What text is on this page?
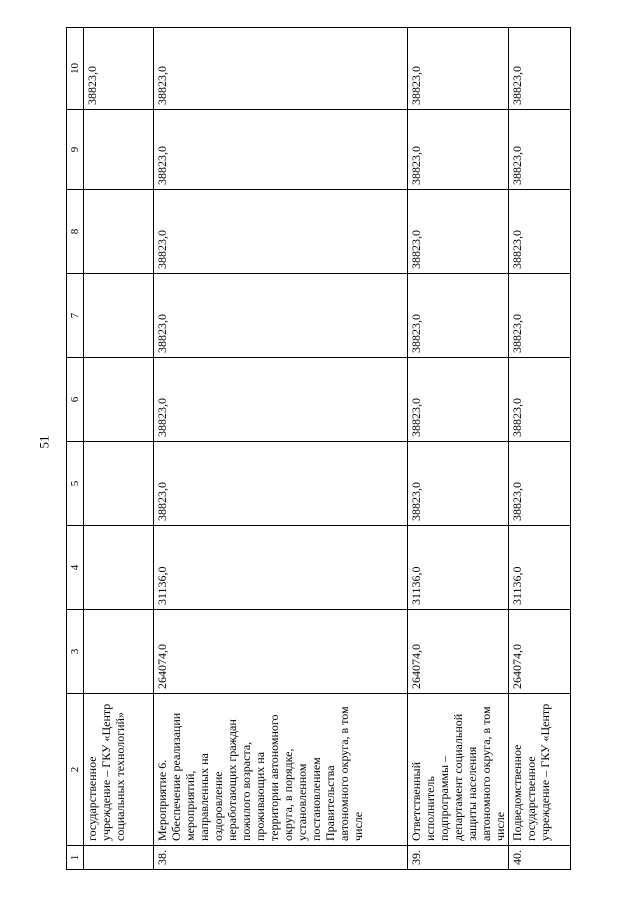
51
1	2	3	4	5	6	7	8	9	10
	государственное учреждение – ГКУ «Центр социальных технологий»								38823,0
38.	Мероприятие 6. Обеспечение реализации мероприятий, направленных на оздоровление неработающих граждан пожилого возраста, проживающих на территории автономного округа, в порядке, установленном постановлением Правительства автономного округа, в том числе	264074,0	31136,0	38823,0	38823,0	38823,0	38823,0	38823,0	38823,0
39.	Ответственный исполнитель подпрограммы – департамент социальной защиты населения автономного округа, в том числе	264074,0	31136,0	38823,0	38823,0	38823,0	38823,0	38823,0	38823,0
40.	Подведомственное государственное учреждение – ГКУ «Центр	264074,0	31136,0	38823,0	38823,0	38823,0	38823,0	38823,0	38823,0
